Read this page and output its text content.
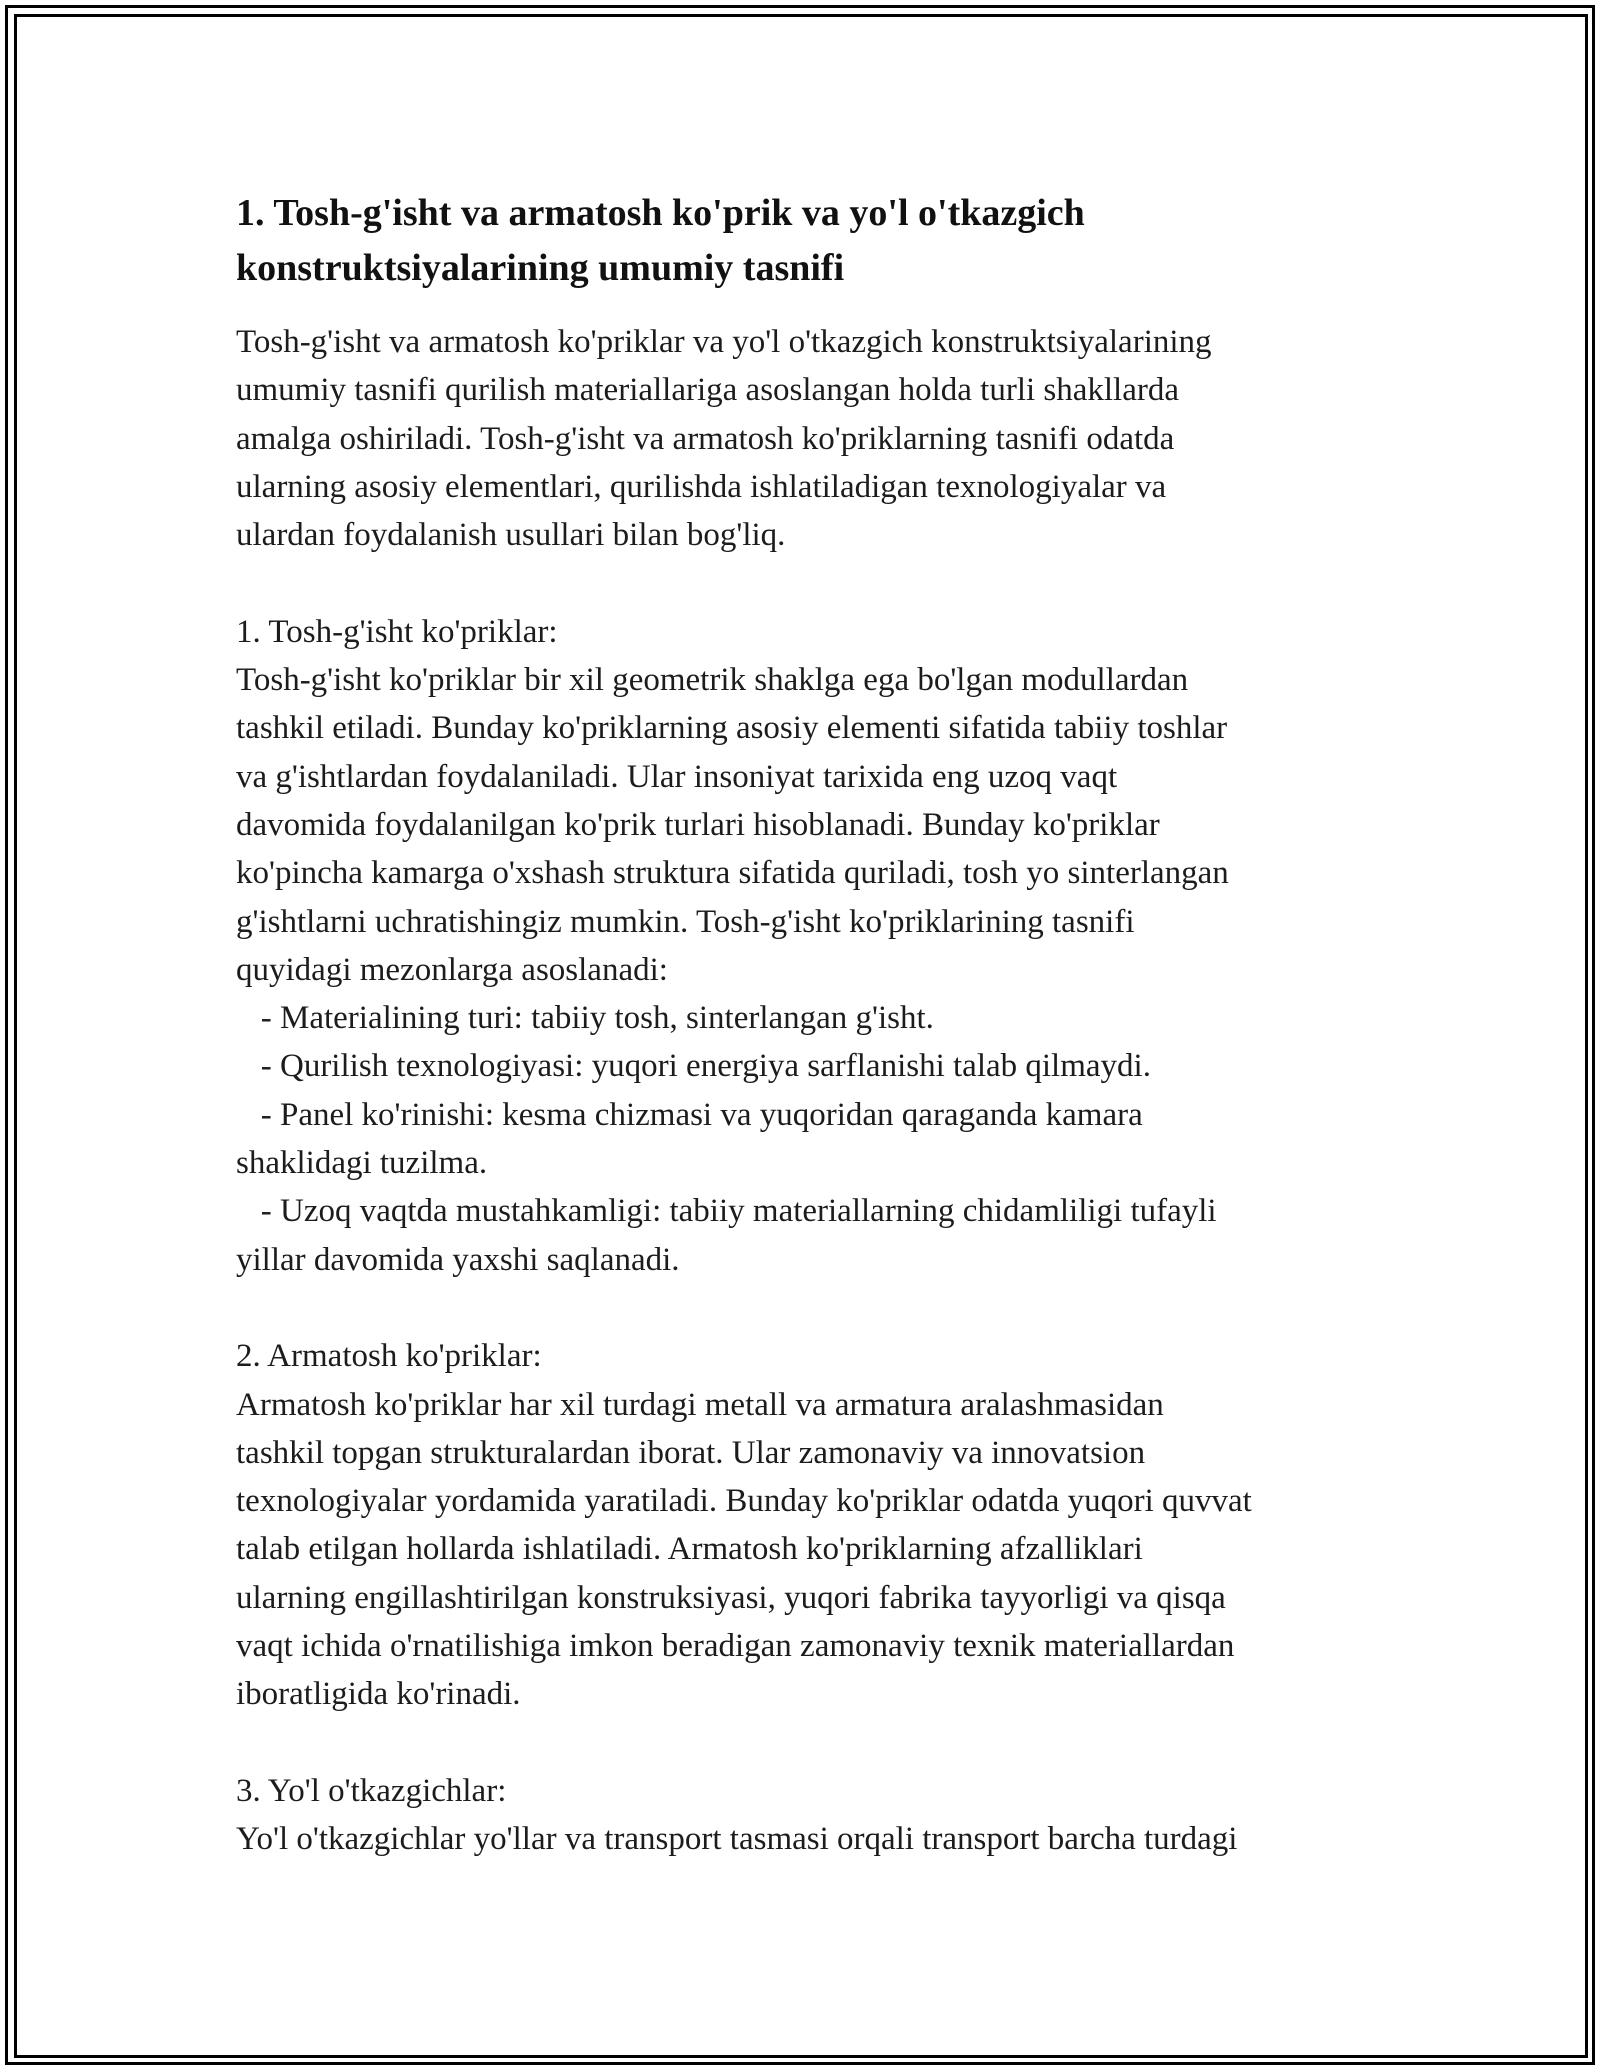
1. Tosh-g'isht va armatosh ko'prik va yo'l o'tkazgich
konstruktsiyalarining umumiy tasnifi
Tosh-g'isht va armatosh ko'priklar va yo'l o'tkazgich konstruktsiyalarining
umumiy tasnifi qurilish materiallariga asoslangan holda turli shakllarda
amalga oshiriladi. Tosh-g'isht va armatosh ko'priklarning tasnifi odatda
ularning asosiy elementlari, qurilishda ishlatiladigan texnologiyalar va
ulardan foydalanish usullari bilan bog'liq.
1. Tosh-g'isht ko'priklar:
Tosh-g'isht ko'priklar bir xil geometrik shaklga ega bo'lgan modullardan
tashkil etiladi. Bunday ko'priklarning asosiy elementi sifatida tabiiy toshlar
va g'ishtlardan foydalaniladi. Ular insoniyat tarixida eng uzoq vaqt
davomida foydalanilgan ko'prik turlari hisoblanadi. Bunday ko'priklar
ko'pincha kamarga o'xshash struktura sifatida quriladi, tosh yo sinterlangan
g'ishtlarni uchratishingiz mumkin. Tosh-g'isht ko'priklarining tasnifi
quyidagi mezonlarga asoslanadi:
- Materialining turi: tabiiy tosh, sinterlangan g'isht.
- Qurilish texnologiyasi: yuqori energiya sarflanishi talab qilmaydi.
- Panel ko'rinishi: kesma chizmasi va yuqoridan qaraganda kamara
shaklidagi tuzilma.
- Uzoq vaqtda mustahkamligi: tabiiy materiallarning chidamliligi tufayli
yillar davomida yaxshi saqlanadi.
2. Armatosh ko'priklar:
Armatosh ko'priklar har xil turdagi metall va armatura aralashmasidan
tashkil topgan strukturalardan iborat. Ular zamonaviy va innovatsion
texnologiyalar yordamida yaratiladi. Bunday ko'priklar odatda yuqori quvvat
talab etilgan hollarda ishlatiladi. Armatosh ko'priklarning afzalliklari
ularning engillashtirilgan konstruksiyasi, yuqori fabrika tayyorligi va qisqa
vaqt ichida o'rnatilishiga imkon beradigan zamonaviy texnik materiallardan
iboratligida ko'rinadi.
3. Yo'l o'tkazgichlar:
Yo'l o'tkazgichlar yo'llar va transport tasmasi orqali transport barcha turdagi
